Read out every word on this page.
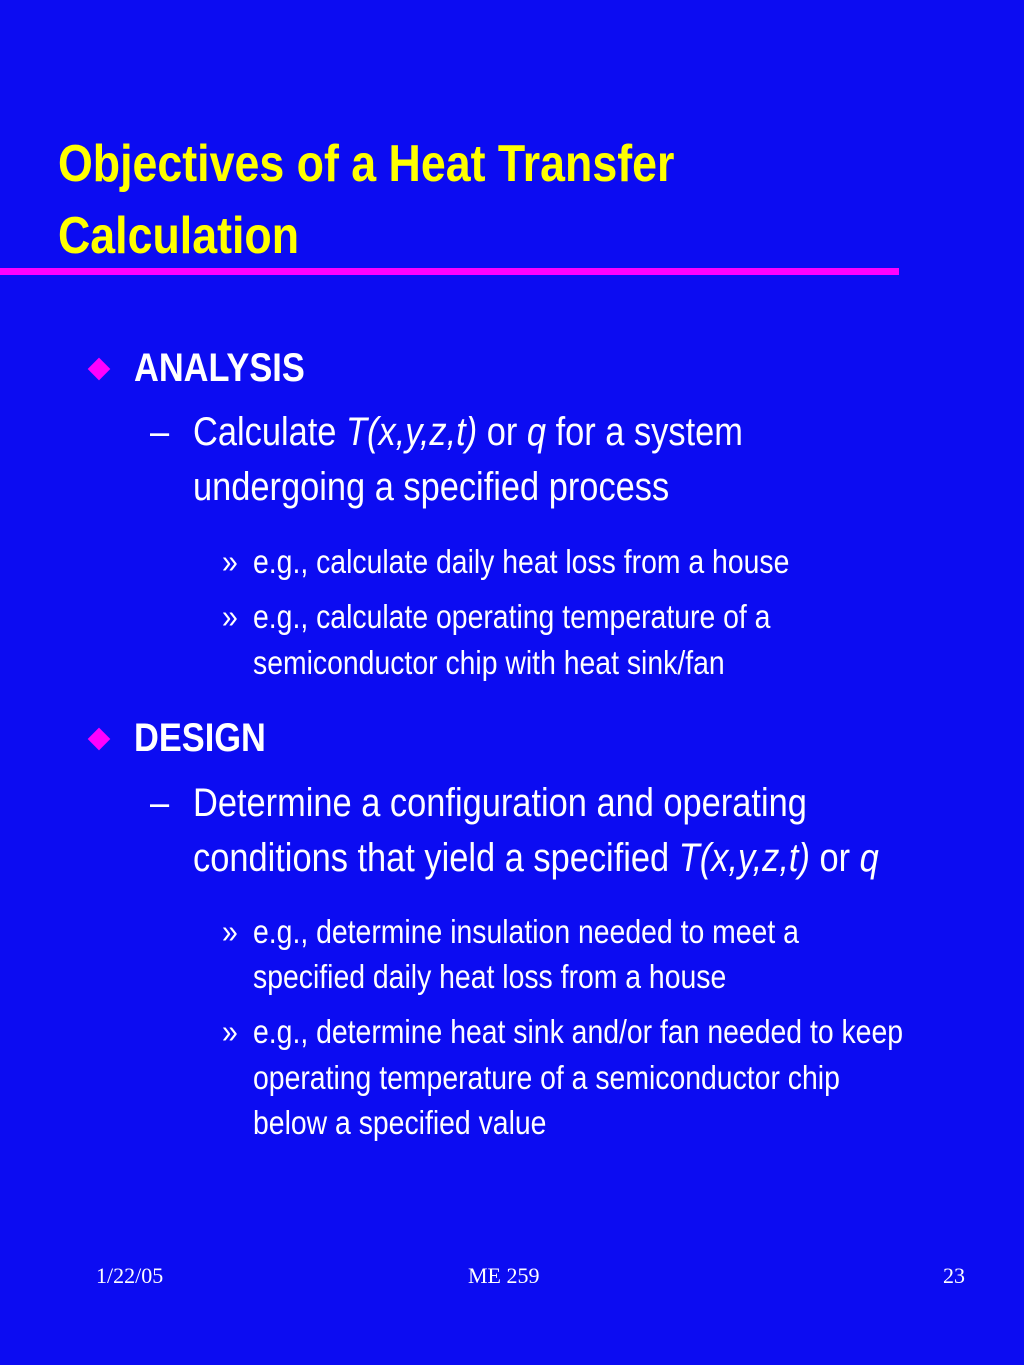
Objectives of a Heat Transfer
Calculation
ANALYSIS
– Calculate T(x,y,z,t) or q for a system
undergoing a specified process
» e.g., calculate daily heat loss from a house
» e.g., calculate operating temperature of a
semiconductor chip with heat sink/fan
DESIGN
– Determine a configuration and operating
conditions that yield a specified T(x,y,z,t) or q
» e.g., determine insulation needed to meet a
specified daily heat loss from a house
» e.g., determine heat sink and/or fan needed to keep
operating temperature of a semiconductor chip
below a specified value
1/22/05	ME 259	23
